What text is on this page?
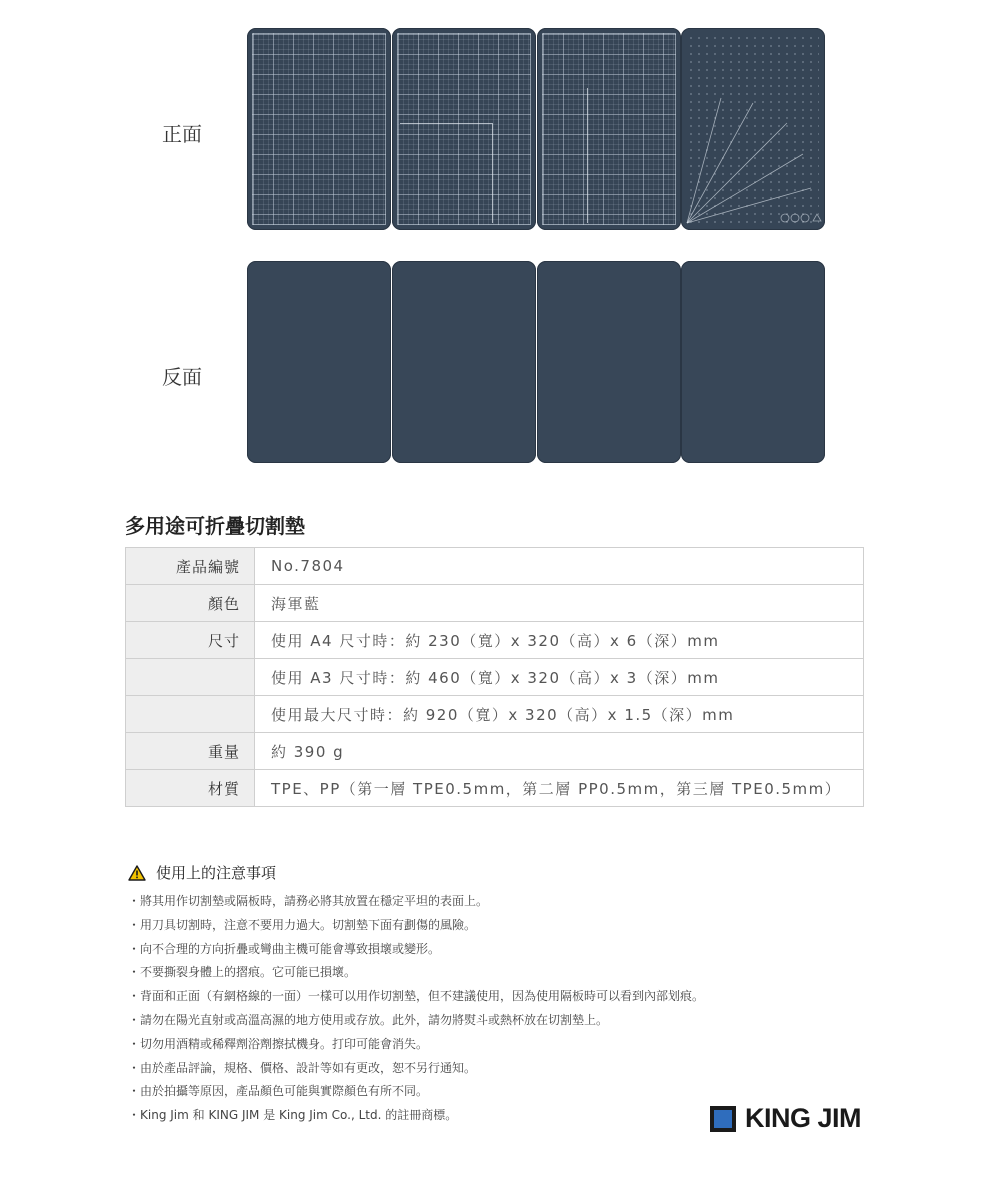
正面
反面
多用途可折疊切割墊
產品編號	No.7804
顏色	海軍藍
尺寸	使用 A4 尺寸時：約 230（寬）x 320（高）x 6（深）mm
	使用 A3 尺寸時：約 460（寬）x 320（高）x 3（深）mm
	使用最大尺寸時：約 920（寬）x 320（高）x 1.5（深）mm
重量	約 390 g
材質	TPE、PP（第一層 TPE0.5mm，第二層 PP0.5mm，第三層 TPE0.5mm）
使用上的注意事項
・ 將其用作切割墊或隔板時，請務必將其放置在穩定平坦的表面上。
・ 用刀具切割時，注意不要用力過大。切割墊下面有劃傷的風險。
・ 向不合理的方向折疊或彎曲主機可能會導致損壞或變形。
・ 不要撕裂身體上的摺痕。它可能已損壞。
・ 背面和正面（有網格線的一面）一樣可以用作切割墊，但不建議使用，因為使用隔板時可以看到內部划痕。
・ 請勿在陽光直射或高溫高濕的地方使用或存放。此外，請勿將熨斗或熱杯放在切割墊上。
・ 切勿用酒精或稀釋劑浴劑擦拭機身。打印可能會消失。
・ 由於產品評論，規格、價格、設計等如有更改，恕不另行通知。
・ 由於拍攝等原因，產品顏色可能與實際顏色有所不同。
・ King Jim 和 KING JIM 是 King Jim Co., Ltd. 的註冊商標。	KING JIM
